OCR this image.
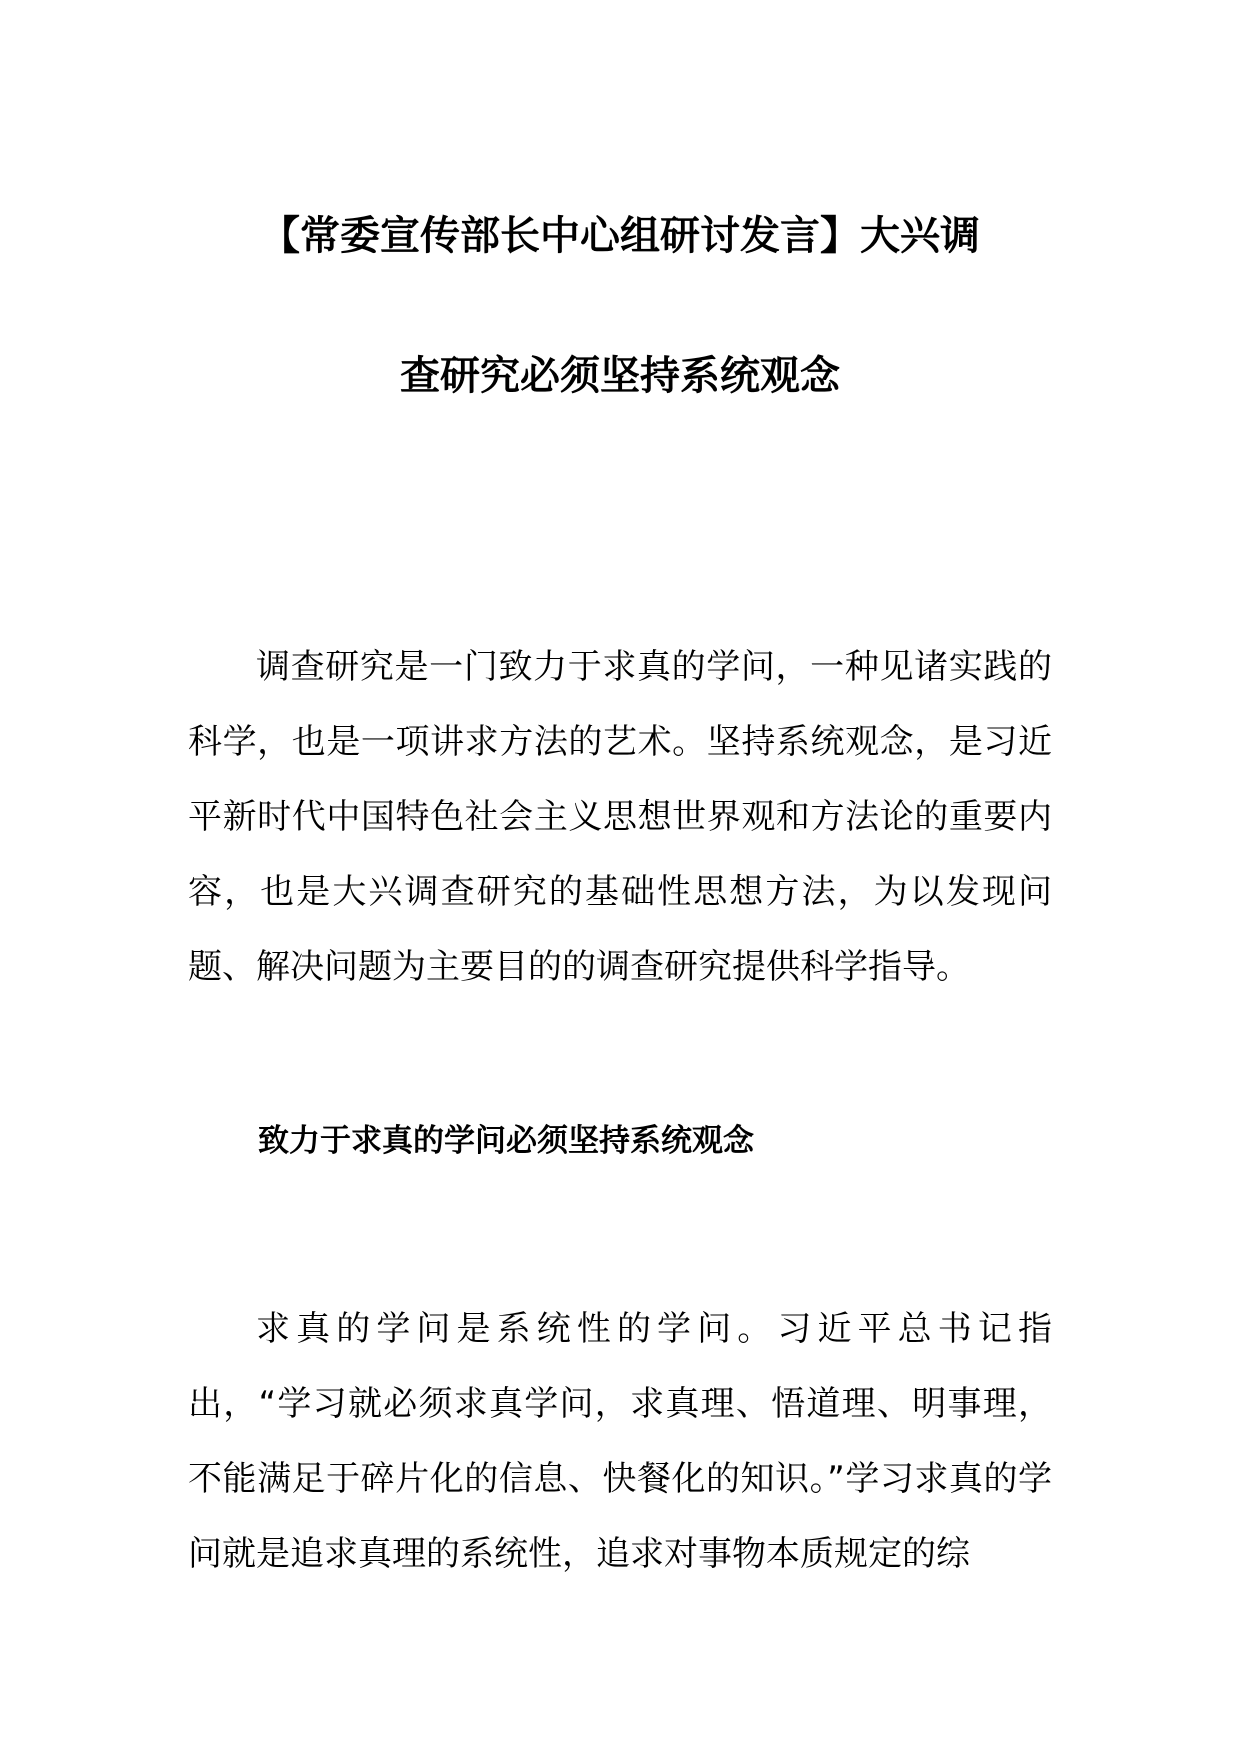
【常委宣传部长中心组研讨发言】大兴调
查研究必须坚持系统观念

调查研究是一门致力于求真的学问，一种见诸实践的科学，也是一项讲求方法的艺术。坚持系统观念，是习近平新时代中国特色社会主义思想世界观和方法论的重要内容，也是大兴调查研究的基础性思想方法，为以发现问题、解决问题为主要目的的调查研究提供科学指导。

致力于求真的学问必须坚持系统观念

求真的学问是系统性的学问。习近平总书记指出，“学习就必须求真学问，求真理、悟道理、明事理，不能满足于碎片化的信息、快餐化的知识。”学习求真的学问就是追求真理的系统性，追求对事物本质规定的综
